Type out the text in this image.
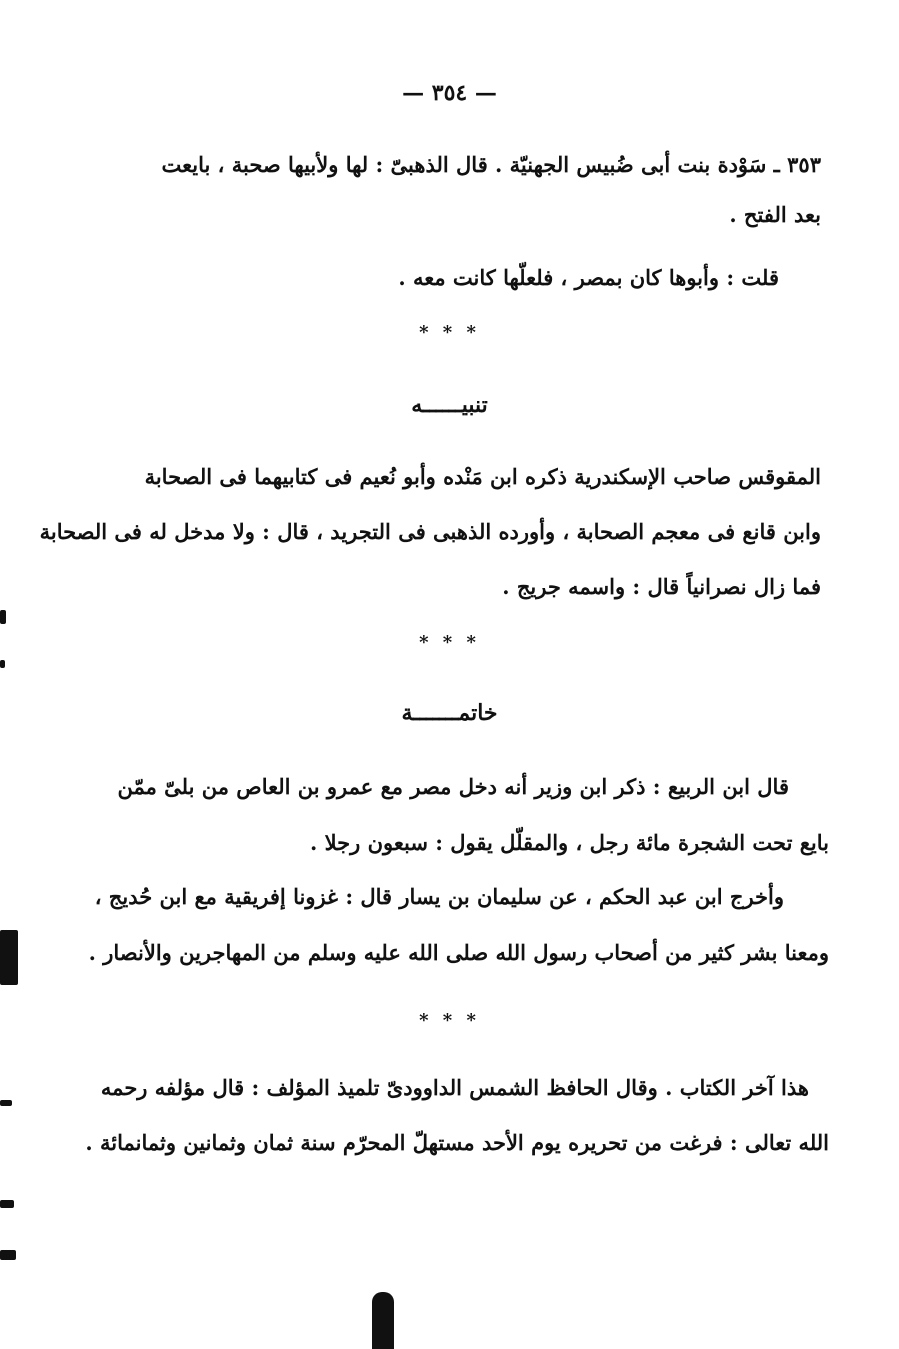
— ٣٥٤ —
٣٥٣ ـ سَوْدة بنت أبى ضُبيس الجهنيّة . قال الذهبىّ : لها ولأبيها صحبة ، بايعت
بعد الفتح .
قلت : وأبوها كان بمصر ، فلعلّها كانت معه .
* * *
تنبيــــــه
المقوقس صاحب الإسكندرية ذكره ابن مَنْده وأبو نُعيم فى كتابيهما فى الصحابة
وابن قانع فى معجم الصحابة ، وأورده الذهبى فى التجريد ، قال : ولا مدخل له فى الصحابة
فما زال نصرانياً قال : واسمه جريج .
* * *
خاتمـــــــة
قال ابن الربيع : ذكر ابن وزير أنه دخل مصر مع عمرو بن العاص من بلىّ ممّن
بايع تحت الشجرة مائة رجل ، والمقلّل يقول : سبعون رجلا .
وأخرج ابن عبد الحكم ، عن سليمان بن يسار قال : غزونا إفريقية مع ابن حُديج ،
ومعنا بشر كثير من أصحاب رسول الله صلى الله عليه وسلم من المهاجرين والأنصار .
* * *
هذا آخر الكتاب . وقال الحافظ الشمس الداوودىّ تلميذ المؤلف : قال مؤلفه رحمه
الله تعالى : فرغت من تحريره يوم الأحد مستهلّ المحرّم سنة ثمان وثمانين وثمانمائة .
